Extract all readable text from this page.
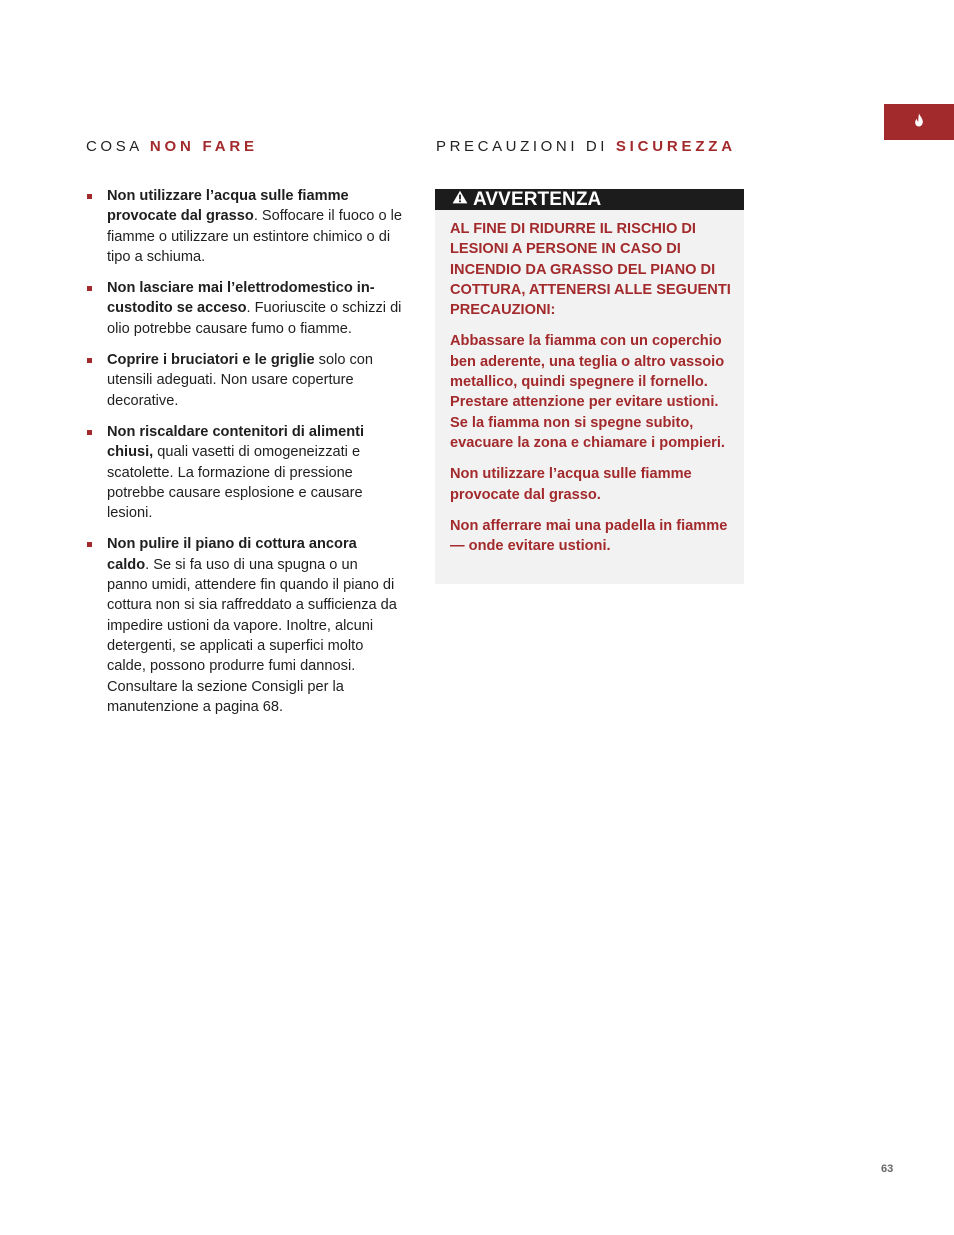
COSA NON FARE	PRECAUZIONI DI SICUREZZA
Non utilizzare l’acqua sulle fiamme provocate dal grasso. Soffocare il fuoco o le fiamme o utilizzare un estintore chimico o di tipo a schiuma.
Non lasciare mai l’elettrodomestico incustodito se acceso. Fuoriuscite o schizzi di olio potrebbe causare fumo o fiamme.
Coprire i bruciatori e le griglie solo con utensili adeguati. Non usare coperture decorative.
Non riscaldare contenitori di alimenti chiusi, quali vasetti di omogeneizzati e scatolette. La formazione di pressione potrebbe causare esplosione e causare lesioni.
Non pulire il piano di cottura ancora caldo. Se si fa uso di una spugna o un panno umidi, attendere fin quando il piano di cottura non si sia raffreddato a sufficienza da impedire ustioni da vapore. Inoltre, alcuni detergenti, se applicati a superfici molto calde, possono produrre fumi dannosi. Consultare la sezione Consigli per la manutenzione a pagina 68.
AVVERTENZA

AL FINE DI RIDURRE IL RISCHIO DI LESIONI A PERSONE IN CASO DI INCENDIO DA GRASSO DEL PIANO DI COTTURA, ATTENERSI ALLE SEGUENTI PRECAUZIONI:

Abbassare la fiamma con un coperchio ben aderente, una teglia o altro vassoio metallico, quindi spegnere il fornello. Prestare attenzione per evitare ustioni. Se la fiamma non si spegne subito, evacuare la zona e chiamare i pompieri.

Non utilizzare l’acqua sulle fiamme provocate dal grasso.

Non afferrare mai una padella in fiamme— onde evitare ustioni.

63
